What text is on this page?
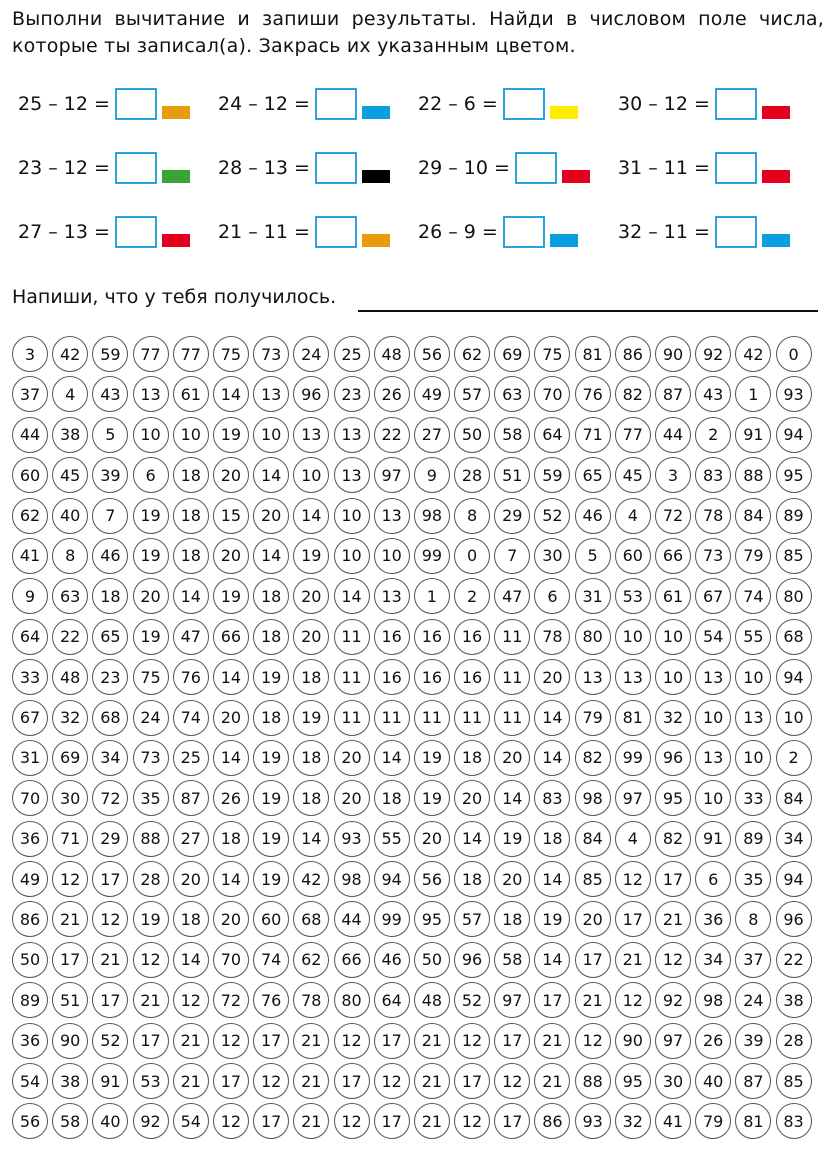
Выполни вычитание и запиши результаты. Найди в числовом поле числа, которые ты записал(а). Закрась их указанным цветом.
25 – 12 =	24 – 12 =	22 – 6 =	30 – 12 =
23 – 12 =	28 – 13 =	29 – 10 =	31 – 11 =
27 – 13 =	21 – 11 =	26 – 9 =	32 – 11 =
Напиши, что у тебя получилось.
3	42	59	77	77	75	73	24	25	48	56	62	69	75	81	86	90	92	42	0
37	4	43	13	61	14	13	96	23	26	49	57	63	70	76	82	87	43	1	93
44	38	5	10	10	19	10	13	13	22	27	50	58	64	71	77	44	2	91	94
60	45	39	6	18	20	14	10	13	97	9	28	51	59	65	45	3	83	88	95
62	40	7	19	18	15	20	14	10	13	98	8	29	52	46	4	72	78	84	89
41	8	46	19	18	20	14	19	10	10	99	0	7	30	5	60	66	73	79	85
9	63	18	20	14	19	18	20	14	13	1	2	47	6	31	53	61	67	74	80
64	22	65	19	47	66	18	20	11	16	16	16	11	78	80	10	10	54	55	68
33	48	23	75	76	14	19	18	11	16	16	16	11	20	13	13	10	13	10	94
67	32	68	24	74	20	18	19	11	11	11	11	11	14	79	81	32	10	13	10
31	69	34	73	25	14	19	18	20	14	19	18	20	14	82	99	96	13	10	2
70	30	72	35	87	26	19	18	20	18	19	20	14	83	98	97	95	10	33	84
36	71	29	88	27	18	19	14	93	55	20	14	19	18	84	4	82	91	89	34
49	12	17	28	20	14	19	42	98	94	56	18	20	14	85	12	17	6	35	94
86	21	12	19	18	20	60	68	44	99	95	57	18	19	20	17	21	36	8	96
50	17	21	12	14	70	74	62	66	46	50	96	58	14	17	21	12	34	37	22
89	51	17	21	12	72	76	78	80	64	48	52	97	17	21	12	92	98	24	38
36	90	52	17	21	12	17	21	12	17	21	12	17	21	12	90	97	26	39	28
54	38	91	53	21	17	12	21	17	12	21	17	12	21	88	95	30	40	87	85
56	58	40	92	54	12	17	21	12	17	21	12	17	86	93	32	41	79	81	83
